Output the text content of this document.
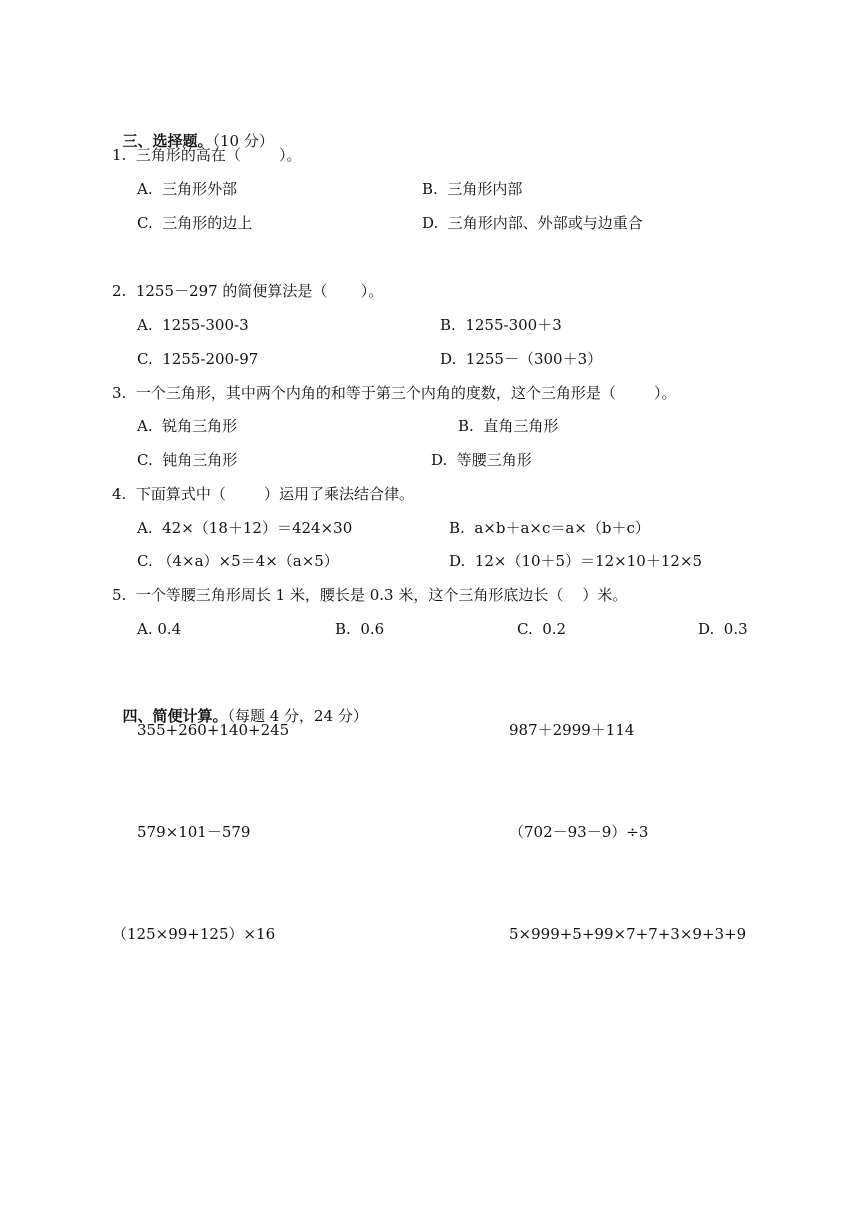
三、选择题。（10 分）

1.  三角形的高在（        ）。
A.  三角形外部	B.  三角形内部
C.  三角形的边上	D.  三角形内部、外部或与边重合
2.  1255－297 的简便算法是（       ）。
A.  1255-300-3	B.  1255-300＋3
C.  1255-200-97	D.  1255－（300＋3）
3.  一个三角形，其中两个内角的和等于第三个内角的度数，这个三角形是（        ）。
A.  锐角三角形	B.  直角三角形
C.  钝角三角形	D.  等腰三角形
4.  下面算式中（        ）运用了乘法结合律。
A.  42×（18＋12）＝424×30	B.  a×b＋a×c＝a×（b＋c）
C. （4×a）×5＝4×（a×5）	D.  12×（10＋5）＝12×10＋12×5
5.  一个等腰三角形周长 1 米，腰长是 0.3 米，这个三角形底边长（    ）米。
A. 0.4	B.  0.6	C.  0.2	D.  0.3

四、简便计算。（每题 4 分，24 分）

355+260+140+245	987＋2999＋114
579×101－579	（702－93－9）÷3
（125×99+125）×16	5×999+5+99×7+7+3×9+3+9
